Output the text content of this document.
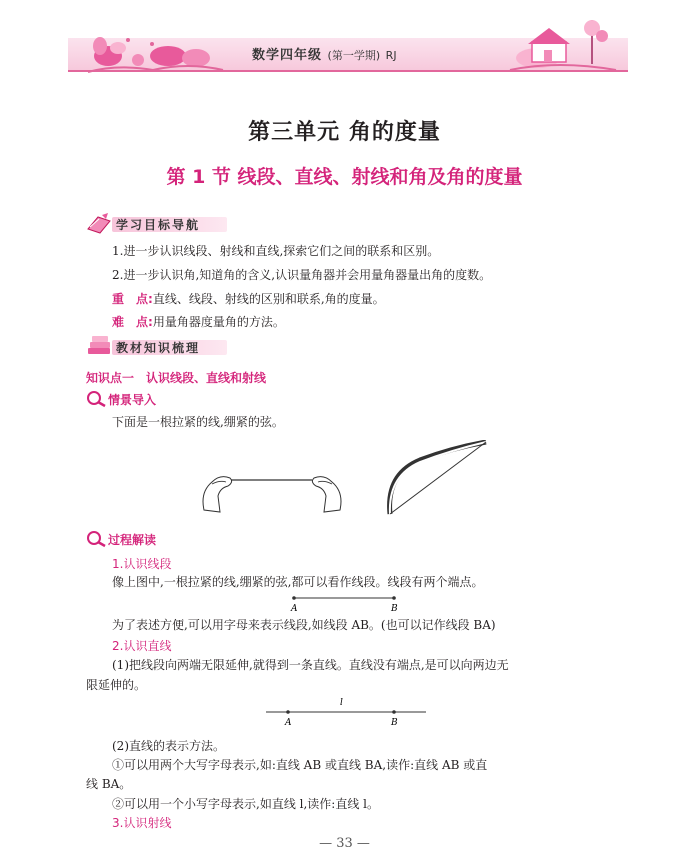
数学四年级 (第一学期) RJ
第三单元 角的度量
第 1 节 线段、直线、射线和角及角的度量
学习目标导航
1.进一步认识线段、射线和直线,探索它们之间的联系和区别。
2.进一步认识角,知道角的含义,认识量角器并会用量角器量出角的度数。
重　点:直线、线段、射线的区别和联系,角的度量。
难　点:用量角器度量角的方法。
教材知识梳理
知识点一　认识线段、直线和射线
情景导入
下面是一根拉紧的线,绷紧的弦。
过程解读
1.认识线段
像上图中,一根拉紧的线,绷紧的弦,都可以看作线段。线段有两个端点。
A	B
为了表述方便,可以用字母来表示线段,如线段 AB。(也可以记作线段 BA)
2.认识直线
(1)把线段向两端无限延伸,就得到一条直线。直线没有端点,是可以向两边无
限延伸的。
l
A	B
(2)直线的表示方法。
①可以用两个大写字母表示,如:直线 AB 或直线 BA,读作:直线 AB 或直
线 BA。
②可以用一个小写字母表示,如直线 l,读作:直线 l。
3.认识射线
— 33 —
